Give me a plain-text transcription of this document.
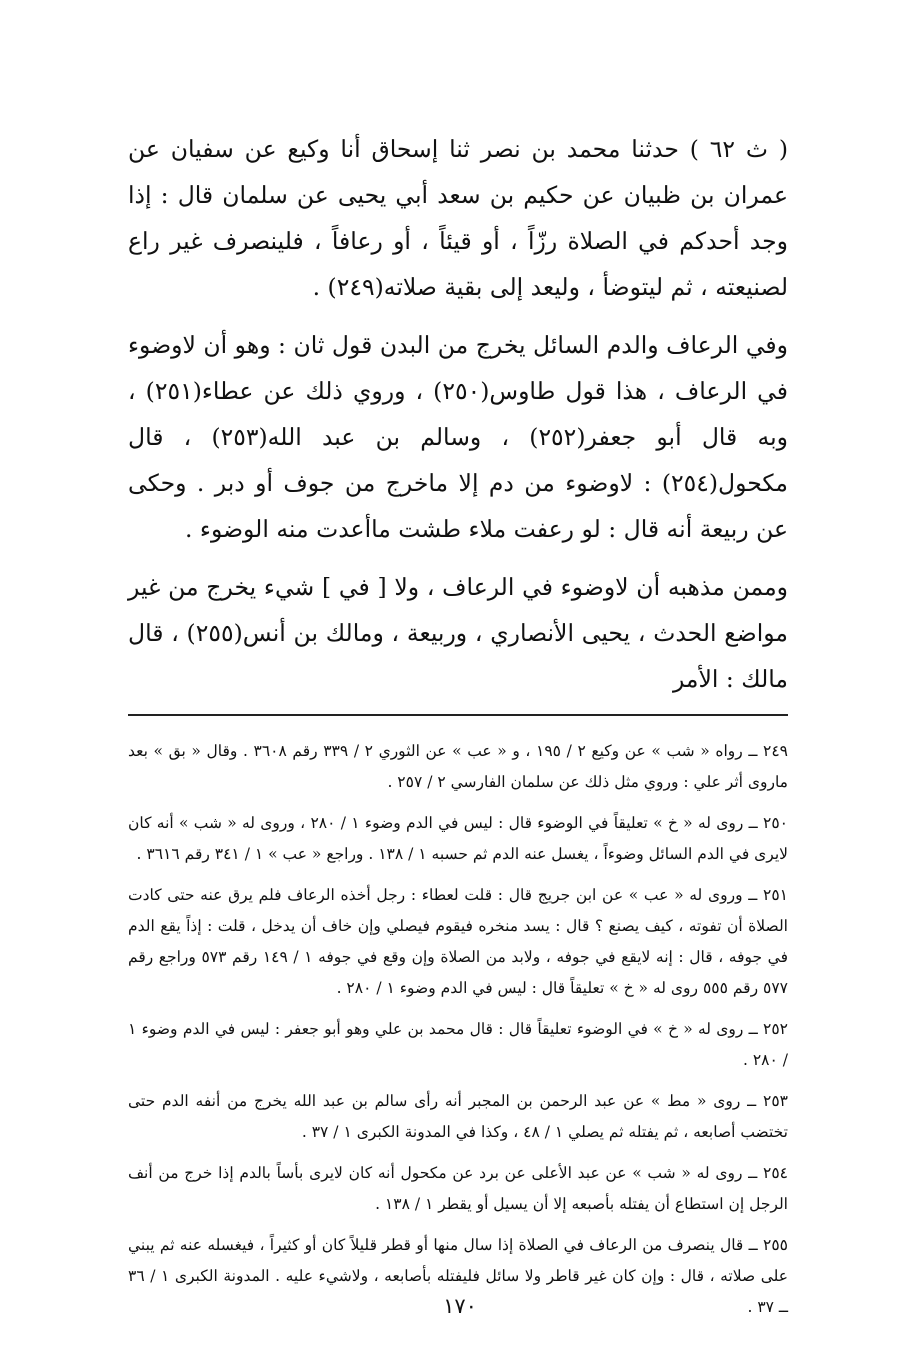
( ث ٦٢ ) حدثنا محمد بن نصر ثنا إسحاق أنا وكيع عن سفيان عن عمران بن ظبيان عن حكيم بن سعد أبي يحيى عن سلمان قال : إذا وجد أحدكم في الصلاة رزّاً ، أو قيئاً ، أو رعافاً ، فلينصرف غير راع لصنيعته ، ثم ليتوضأ ، وليعد إلى بقية صلاته(٢٤٩) .

وفي الرعاف والدم السائل يخرج من البدن قول ثان : وهو أن لاوضوء في الرعاف ، هذا قول طاوس(٢٥٠) ، وروي ذلك عن عطاء(٢٥١) ، وبه قال أبو جعفر(٢٥٢) ، وسالم بن عبد الله(٢٥٣) ، قال مكحول(٢٥٤) : لاوضوء من دم إلا ماخرج من جوف أو دبر . وحكى عن ربيعة أنه قال : لو رعفت ملاء طشت ماأعدت منه الوضوء .

وممن مذهبه أن لاوضوء في الرعاف ، ولا [ في ] شيء يخرج من غير مواضع الحدث ، يحيى الأنصاري ، وربيعة ، ومالك بن أنس(٢٥٥) ، قال مالك : الأمر

٢٤٩ ــ رواه « شب » عن وكيع ٢ / ١٩٥ ، و « عب » عن الثوري ٢ / ٣٣٩ رقم ٣٦٠٨ . وقال « بق » بعد ماروى أثر علي : وروي مثل ذلك عن سلمان الفارسي ٢ / ٢٥٧ .

٢٥٠ ــ روى له « خ » تعليقاً في الوضوء قال : ليس في الدم وضوء ١ / ٢٨٠ ، وروى له « شب » أنه كان لايرى في الدم السائل وضوءاً ، يغسل عنه الدم ثم حسبه ١ / ١٣٨ . وراجع « عب » ١ / ٣٤١ رقم ٣٦١٦ .

٢٥١ ــ وروى له « عب » عن ابن جريج قال : قلت لعطاء : رجل أخذه الرعاف فلم يرق عنه حتى كادت الصلاة أن تفوته ، كيف يصنع ؟ قال : يسد منخره فيقوم فيصلي وإن خاف أن يدخل ، قلت : إذاً يقع الدم في جوفه ، قال : إنه لايقع في جوفه ، ولابد من الصلاة وإن وقع في جوفه ١ / ١٤٩ رقم ٥٧٣ وراجع رقم ٥٧٧ رقم ٥٥٥ روى له « خ » تعليقاً قال : ليس في الدم وضوء ١ / ٢٨٠ .

٢٥٢ ــ روى له « خ » في الوضوء تعليقاً قال : قال محمد بن علي وهو أبو جعفر : ليس في الدم وضوء ١ / ٢٨٠ .

٢٥٣ ــ روى « مط » عن عبد الرحمن بن المجبر أنه رأى سالم بن عبد الله يخرج من أنفه الدم حتى تختضب أصابعه ، ثم يفتله ثم يصلي ١ / ٤٨ ، وكذا في المدونة الكبرى ١ / ٣٧ .

٢٥٤ ــ روى له « شب » عن عبد الأعلى عن برد عن مكحول أنه كان لايرى بأساً بالدم إذا خرج من أنف الرجل إن استطاع أن يفتله بأصبعه إلا أن يسيل أو يقطر ١ / ١٣٨ .

٢٥٥ ــ قال ينصرف من الرعاف في الصلاة إذا سال منها أو قطر قليلاً كان أو كثيراً ، فيغسله عنه ثم يبني على صلاته ، قال : وإن كان غير قاطر ولا سائل فليفتله بأصابعه ، ولاشيء عليه . المدونة الكبرى ١ / ٣٦ ــ ٣٧ .

١٧٠
